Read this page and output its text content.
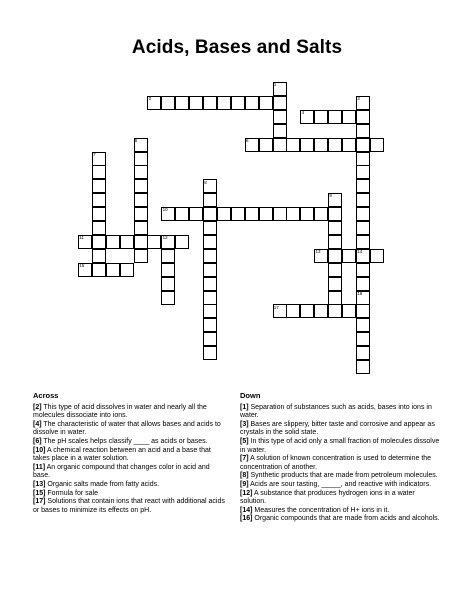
Acids, Bases and Salts
1
2	3
4
5	6
7
8
9
10
11	12
13	14
15
16
17
Across

[2] This type of acid dissolves in water and nearly all the molecules dissociate into ions.

[4] The characteristic of water that allows bases and acids to dissolve in water.

[6] The pH scales helps classify ____ as acids or bases.

[10] A chemical reaction between an acid and a base that takes place in a water solution.

[11] An organic compound that changes color in acid and base.

[13] Organic salts made from fatty acids.

[15] Formula for sale

[17] Solutions that contain ions that react with additional acids or bases to minimize its effects on pH.

Down

[1] Separation of substances such as acids, bases into ions in water.

[3] Bases are slippery, bitter taste and corrosive and appear as crystals in the solid state.

[5] In this type of acid only a small fraction of molecules dissolve in water.

[7] A solution of known concentration is used to determine the concentration of another.

[8] Synthetic products that are made from petroleum molecules.

[9] Acids are sour tasting, _____, and reactive with indicators.

[12] A substance that produces hydrogen ions in a water solution.

[14] Measures the concentration of H+ ions in it.

[16] Organic compounds that are made from acids and alcohols.
